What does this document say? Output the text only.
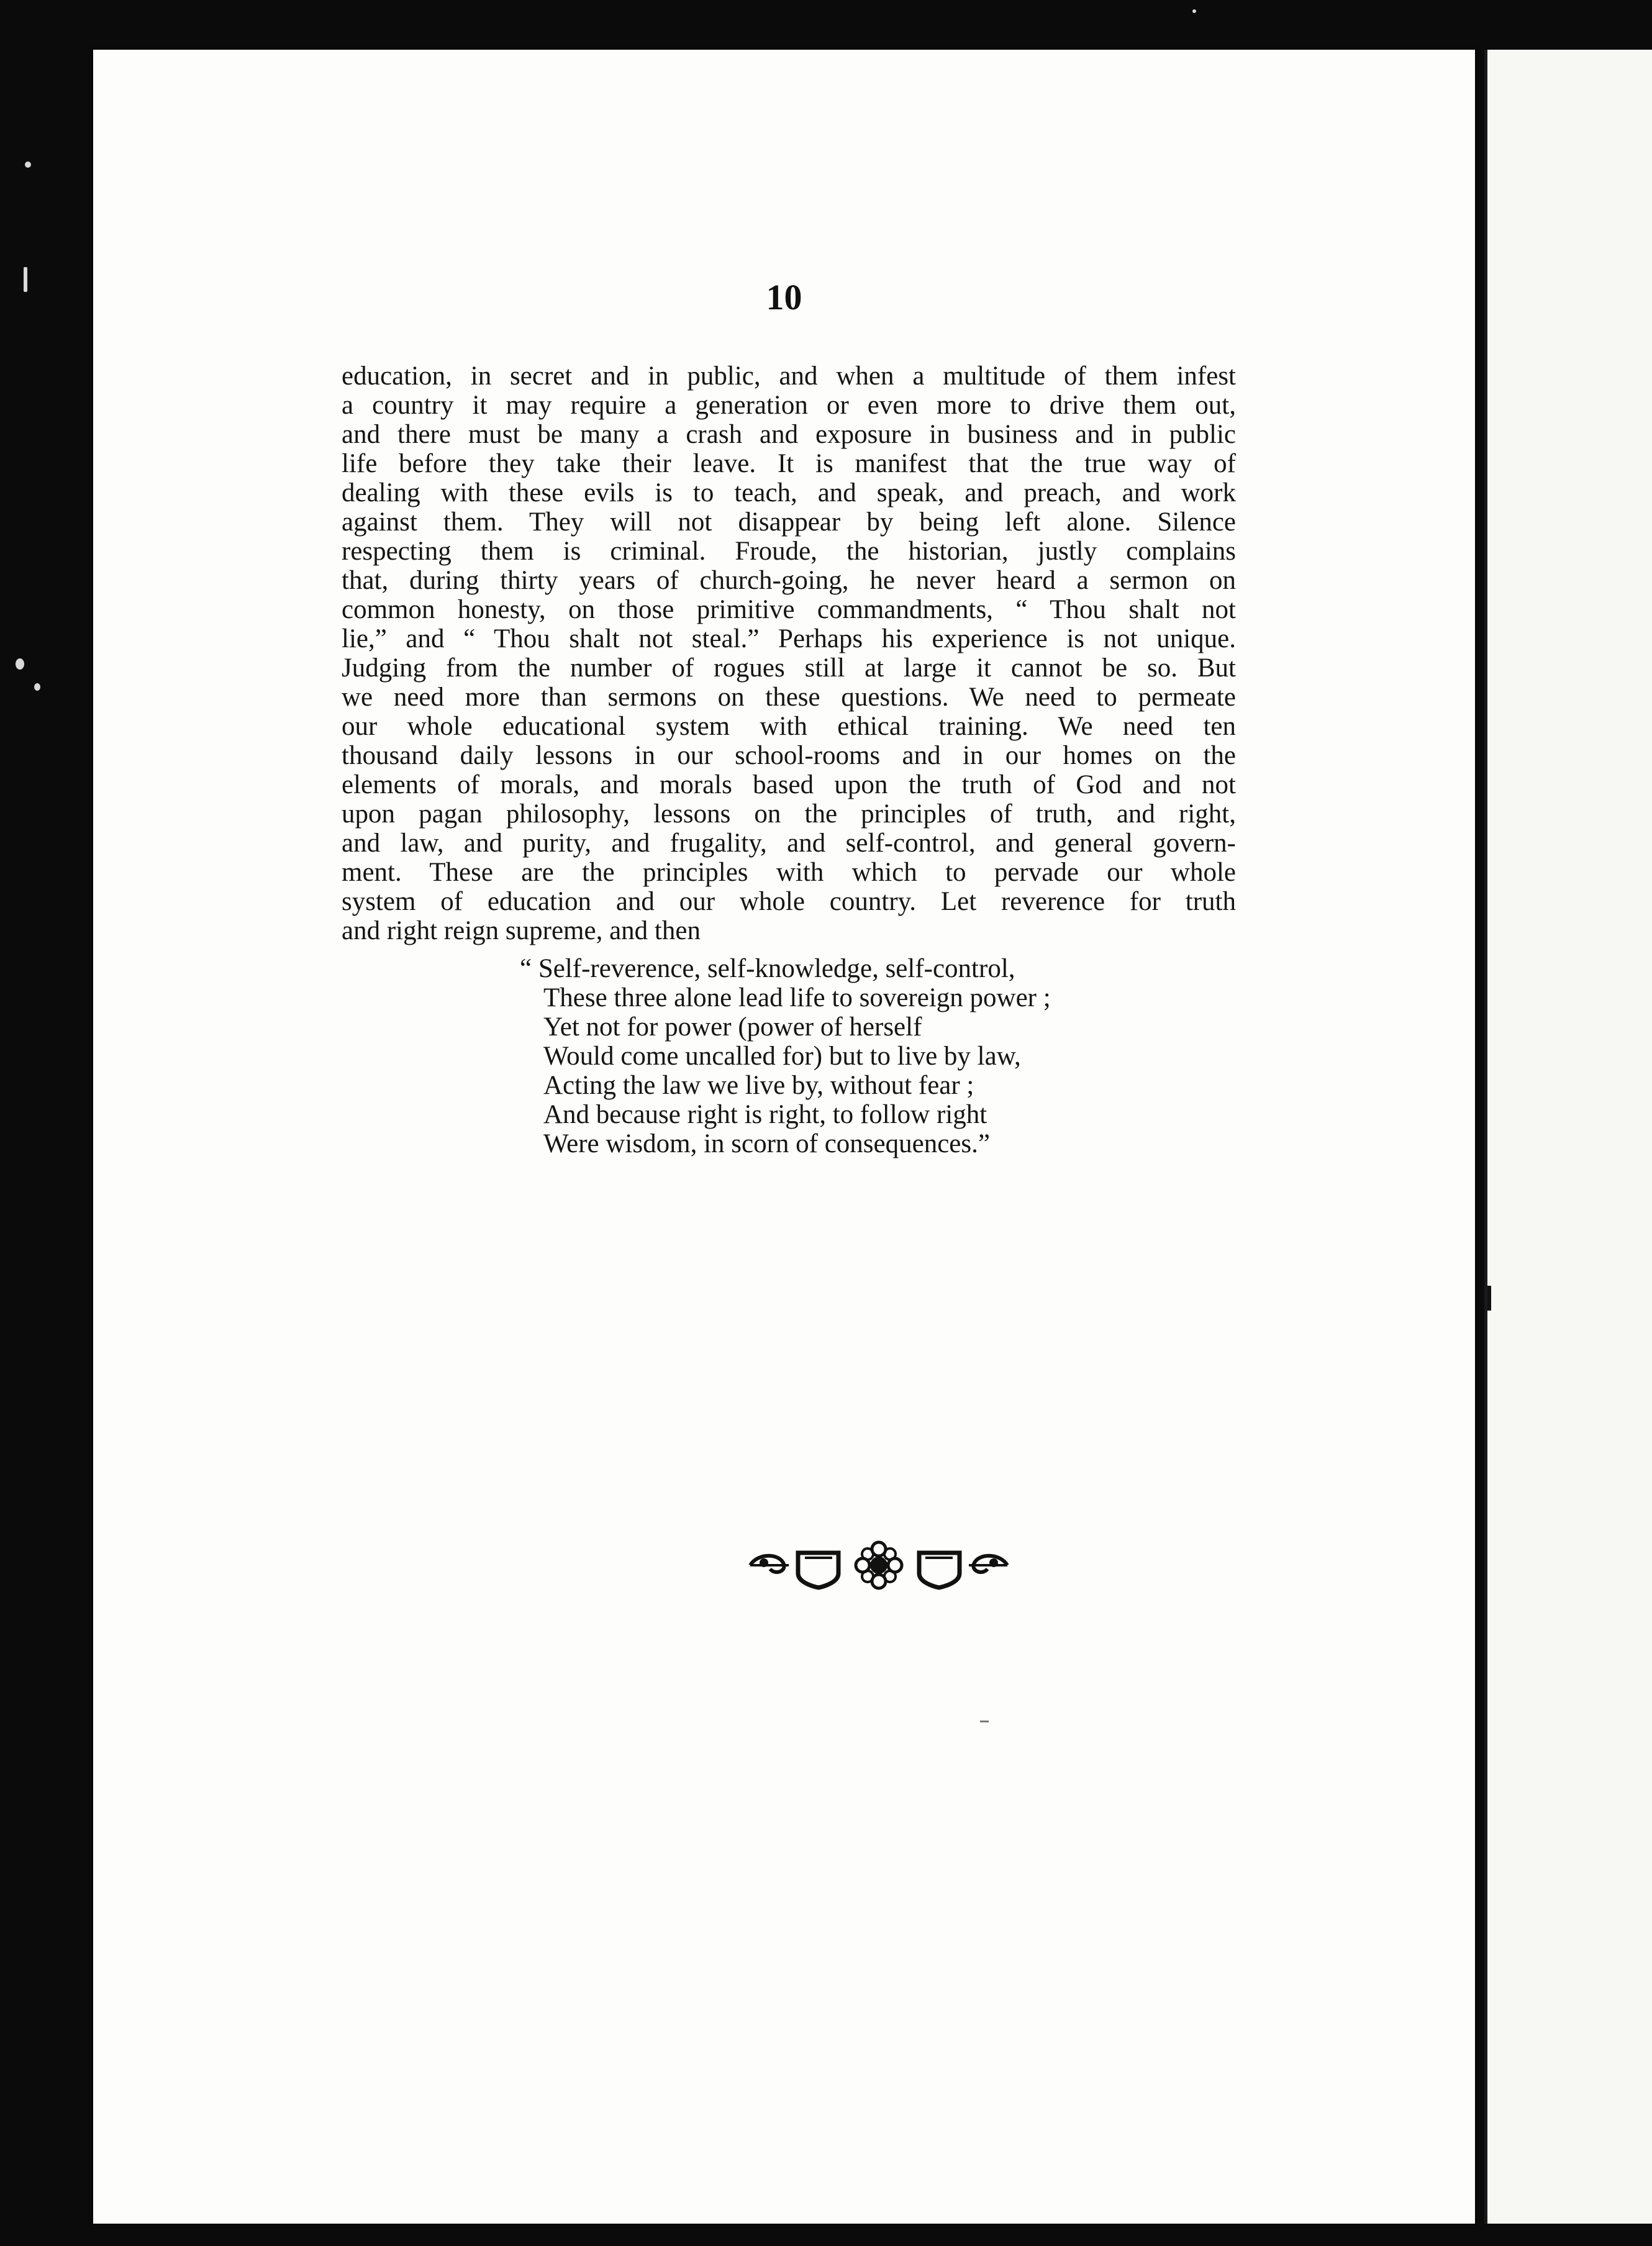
10
education, in secret and in public, and when a multitude of them infest
a country it may require a generation or even more to drive them out,
and there must be many a crash and exposure in business and in public
life before they take their leave. It is manifest that the true way of
dealing with these evils is to teach, and speak, and preach, and work
against them. They will not disappear by being left alone. Silence
respecting them is criminal. Froude, the historian, justly complains
that, during thirty years of church-going, he never heard a sermon on
common honesty, on those primitive commandments, “ Thou shalt not
lie,” and “ Thou shalt not steal.” Perhaps his experience is not unique.
Judging from the number of rogues still at large it cannot be so. But
we need more than sermons on these questions. We need to permeate
our whole educational system with ethical training. We need ten
thousand daily lessons in our school-rooms and in our homes on the
elements of morals, and morals based upon the truth of God and not
upon pagan philosophy, lessons on the principles of truth, and right,
and law, and purity, and frugality, and self-control, and general govern-
ment. These are the principles with which to pervade our whole
system of education and our whole country. Let reverence for truth
and right reign supreme, and then
“ Self-reverence, self-knowledge, self-control,
These three alone lead life to sovereign power ;
Yet not for power (power of herself
Would come uncalled for) but to live by law,
Acting the law we live by, without fear ;
And because right is right, to follow right
Were wisdom, in scorn of consequences.”
